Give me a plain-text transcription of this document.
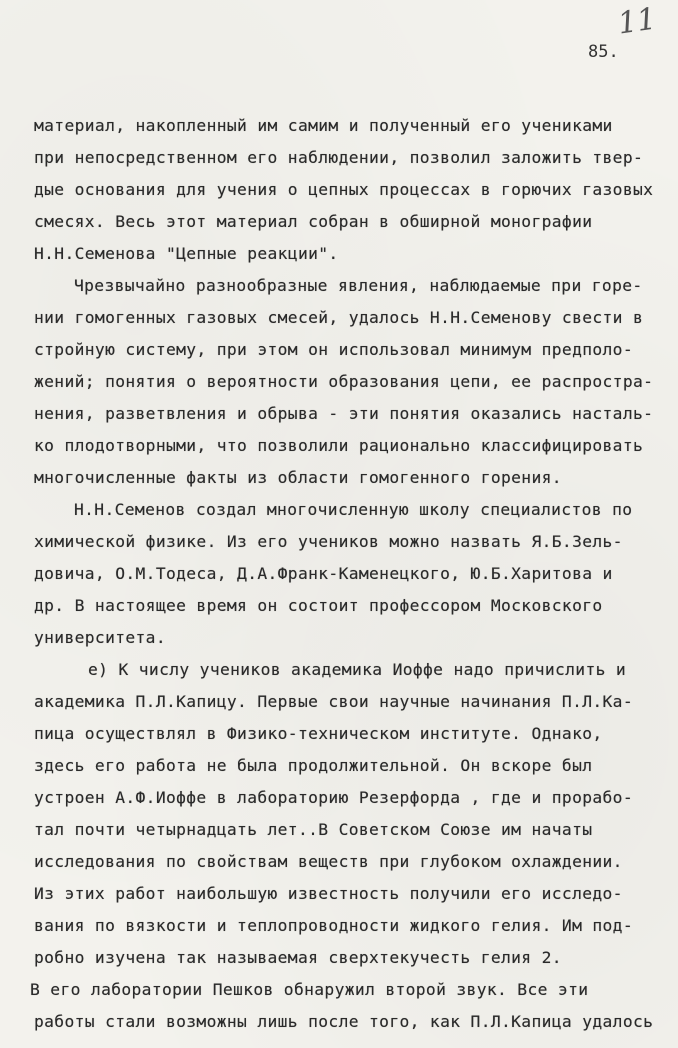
11
85.
материал, накопленный им самим и полученный его учениками
при непосредственном его наблюдении, позволил заложить твер-
дые основания для учения о цепных процессах в горючих газовых
смесях. Весь этот материал собран в обширной монографии
Н.Н.Семенова "Цепные реакции".
Чрезвычайно разнообразные явления, наблюдаемые при горе-
нии гомогенных газовых смесей, удалось Н.Н.Семенову свести в
стройную систему, при этом он использовал минимум предполо-
жений; понятия о вероятности образования цепи, ее распростра-
нения, разветвления и обрыва - эти понятия оказались насталь-
ко плодотворными, что позволили рационально классифицировать
многочисленные факты из области гомогенного горения.
Н.Н.Семенов создал многочисленную школу специалистов по
химической физике. Из его учеников можно назвать Я.Б.Зель-
довича, О.М.Тодеса, Д.А.Франк-Каменецкого, Ю.Б.Харитова и
др. В настоящее время он состоит профессором Московского
университета.
е) К числу учеников академика Иоффе надо причислить и
академика П.Л.Капицу. Первые свои научные начинания П.Л.Ка-
пица осуществлял в Физико-техническом институте. Однако,
здесь его работа не была продолжительной. Он вскоре был
устроен А.Ф.Иоффе в лабораторию Резерфорда , где и прорабо-
тал почти четырнадцать лет..В Советском Союзе им начаты
исследования по свойствам веществ при глубоком охлаждении.
Из этих работ наибольшую известность получили его исследо-
вания по вязкости и теплопроводности жидкого гелия. Им под-
робно изучена так называемая сверхтекучесть гелия 2.
В его лаборатории Пешков обнаружил второй звук. Все эти
работы стали возможны лишь после того, как П.Л.Капица удалось
